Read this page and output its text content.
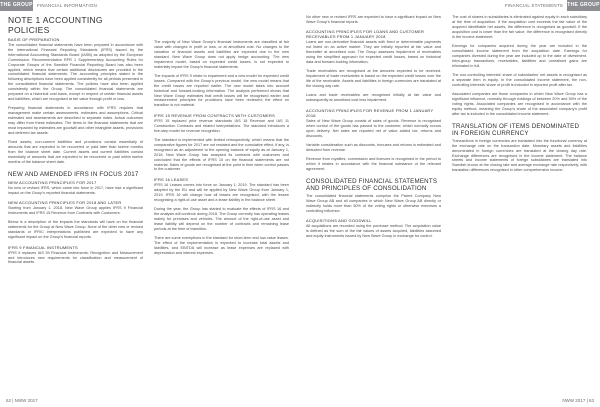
THE GROUP FINANCIAL INFORMATION	FINANCIAL STATEMENTS THE GROUP
NOTE 1 ACCOUNTING POLICIES
BASIS OF PREPARATION

The consolidated financial statements have been prepared in accordance with the International Financial Reporting Standards (IFRS) issued by the International Accounting Standards Board (IASB) as adopted by the European Commission. Recommendation RFR 1 Supplementary Accounting Rules for Corporate Groups of the Swedish Financial Reporting Board has also been applied, which means that certain additional disclosures are provided in the consolidated financial statements. The accounting principles stated in the following descriptions have been applied consistently for all periods presented in the consolidated financial statements. The policies have also been applied consistently within the Group. The consolidated financial statements are prepared on a historical cost basis, except in respect of certain financial assets and liabilities, which are recognised at fair value through profit or loss.

Preparing financial statements in accordance with IFRS requires that management make certain assessments, estimates and assumptions. Critical estimates and assessments are described in separate notes. Actual outcomes may differ from these estimates. The items in the financial statements that are most impacted by estimates are goodwill and other intangible assets, provisions and deferred tax assets.

Fixed assets, non-current liabilities and provisions consist essentially of amounts that are expected to be recovered or paid later than twelve months from the balance sheet date. Current assets and current liabilities consist essentially of amounts that are expected to be recovered or paid within twelve months of the balance sheet date.

NEW AND AMENDED IFRS IN FOCUS 2017
NEW ACCOUNTING PRINCIPLES FOR 2017

No new or revised IFRS, which came into force in 2017, have had a significant impact on the Group's reported financial statements.

NEW ACCOUNTING PRINCIPLES FOR 2018 AND LATER

Starting from January 1, 2018, New Wave Group applies IFRS 9 Financial Instruments and IFRS 15 Revenue from Contracts with Customers.

Below is a description of the impacts the standards will have on the financial statements for the Group at New Wave Group. None of the other new or revised standards or IFRIC interpretations published are expected to have any significant impact on the Group's financial reports.

IFRS 9 FINANCIAL INSTRUMENTS

IFRS 9 replaces IAS 39 Financial Instruments: Recognition and Measurement and introduces new requirements for classification and measurement of financial assets.

The majority of New Wave Group's financial instruments are classified at fair value with changes in profit or loss, or at amortised cost. No changes to the valuation of financial assets and liabilities are expected due to the new standard. New Wave Group does not apply hedge accounting. The new impairment model, based on expected credit losses, is not expected to materially impact the Group's financial statements.

The impacts of IFRS 9 relate to impairment and a new model for expected credit losses. Compared with the Group's previous model, the new model means that the credit losses are reported earlier. The new model takes into account historical and forward-looking information. The analysis performed shows that New Wave Group estimates that credit losses will be recognised earlier and measurement principles for provisions have been reviewed; the effect on transition is not material.

IFRS 15 REVENUE FROM CONTRACTS WITH CUSTOMERS

IFRS 15 replaced prior revenue standards IAS 18 Revenue and IAS 11 Construction Contracts and related interpretations. The standard introduces a five-step model for revenue recognition.

The standard is implemented with limited retrospectivity, which means that the comparative figures for 2017 are not restated and the cumulative effect, if any, is recognised as an adjustment to the opening balance of equity as at January 1, 2018. New Wave Group has analysed its contracts with customers and concluded that the effects of IFRS 15 on the financial statements are not material. Sales of goods are recognised at the point in time when control passes to the customer.

IFRS 16 LEASES

IFRS 16 Leases comes into force on January 1, 2019. The standard has been adopted by the EU and will be applied by New Wave Group from January 1, 2019. IFRS 16 will change how all leases are recognised, with the lessee recognising a right-of-use asset and a lease liability in the balance sheet.

During the year, the Group has started to evaluate the effects of IFRS 16 and the analysis will continue during 2018. The Group currently has operating leases mainly for premises and vehicles. The amount of the right-of-use asset and lease liability will depend on the number of contracts and remaining lease periods at the time of transition.

There are some exemptions in the standard for short-term and low-value leases. The effect of the implementation is expected to increase total assets and liabilities, and EBITDA will increase as lease expenses are replaced with depreciation and interest expenses.

No other new or revised IFRS are expected to have a significant impact on New Wave Group's financial reports.

ACCOUNTING PRINCIPLES FOR LOANS AND CUSTOMER RECEIVABLES FROM 1 JANUARY 2018

Loans are non-derivative financial assets with fixed or determinable payments not listed on an active market. They are initially reported at fair value and thereafter at amortised cost. The Group assesses impairment of receivables using the simplified approach for expected credit losses, based on historical data and forward-looking information.

Trade receivables are recognised at the amounts expected to be received. Impairment of trade receivables is based on the expected credit losses over the life of the receivable. Assets and liabilities in foreign currencies are translated at the closing day rate.

Loans and trade receivables are recognised initially at fair value and subsequently at amortised cost less impairment.

ACCOUNTING PRINCIPLES FOR REVENUE FROM 1 JANUARY 2018

Sales of New Wave Group consist of sales of goods. Revenue is recognised when control of the goods has passed to the customer, which normally occurs upon delivery. Net sales are reported net of value added tax, returns and discounts.

Variable consideration such as discounts, bonuses and returns is estimated and deducted from revenue.

Revenue from royalties, commission and licences is recognised in the period to which it relates in accordance with the financial substance of the relevant agreement.

CONSOLIDATED FINANCIAL STATEMENTS AND PRINCIPLES OF CONSOLIDATION

The consolidated financial statements comprise the Parent Company New Wave Group AB and all companies in which New Wave Group AB directly or indirectly holds more than 50% of the voting rights or otherwise exercises a controlling influence.

ACQUISITIONS AND GOODWILL

All acquisitions are recorded using the purchase method. The acquisition value is defined as the sum of the fair values of assets acquired, liabilities assumed and equity instruments issued by New Wave Group in exchange for control.

The cost of shares in subsidiaries is eliminated against equity in each subsidiary at the time of acquisition. If the acquisition cost exceeds the fair value of the acquired identifiable net assets, the difference is recognised as goodwill. If the acquisition cost is lower than the fair value, the difference is recognised directly in the income statement.

Earnings for companies acquired during the year are included in the consolidated income statement from the acquisition date. Earnings for companies divested during the year are included up to the date of divestment. Intra-group transactions, receivables, liabilities and unrealised gains are eliminated in full.

The non-controlling interests' share of subsidiaries' net assets is recognised as a separate item in equity. In the consolidated income statement, the non-controlling interests' share of profit is included in reported profit after tax.

Associated companies are those companies in which New Wave Group has a significant influence, normally through holdings of between 20% and 50% of the voting rights. Associated companies are recognised in accordance with the equity method, meaning the Group's share of the associated company's profit after tax is included in the consolidated income statement.

TRANSLATION OF ITEMS DENOMINATED IN FOREIGN CURRENCY

Transactions in foreign currencies are translated into the functional currency at the exchange rate on the transaction date. Monetary assets and liabilities denominated in foreign currencies are translated at the closing day rate. Exchange differences are recognised in the income statement. The balance sheets and income statements of foreign subsidiaries are translated into Swedish kronor at the closing rate and average exchange rate respectively, with translation differences recognised in other comprehensive income.

62 | NWW 2017	NWW 2017 | 63
